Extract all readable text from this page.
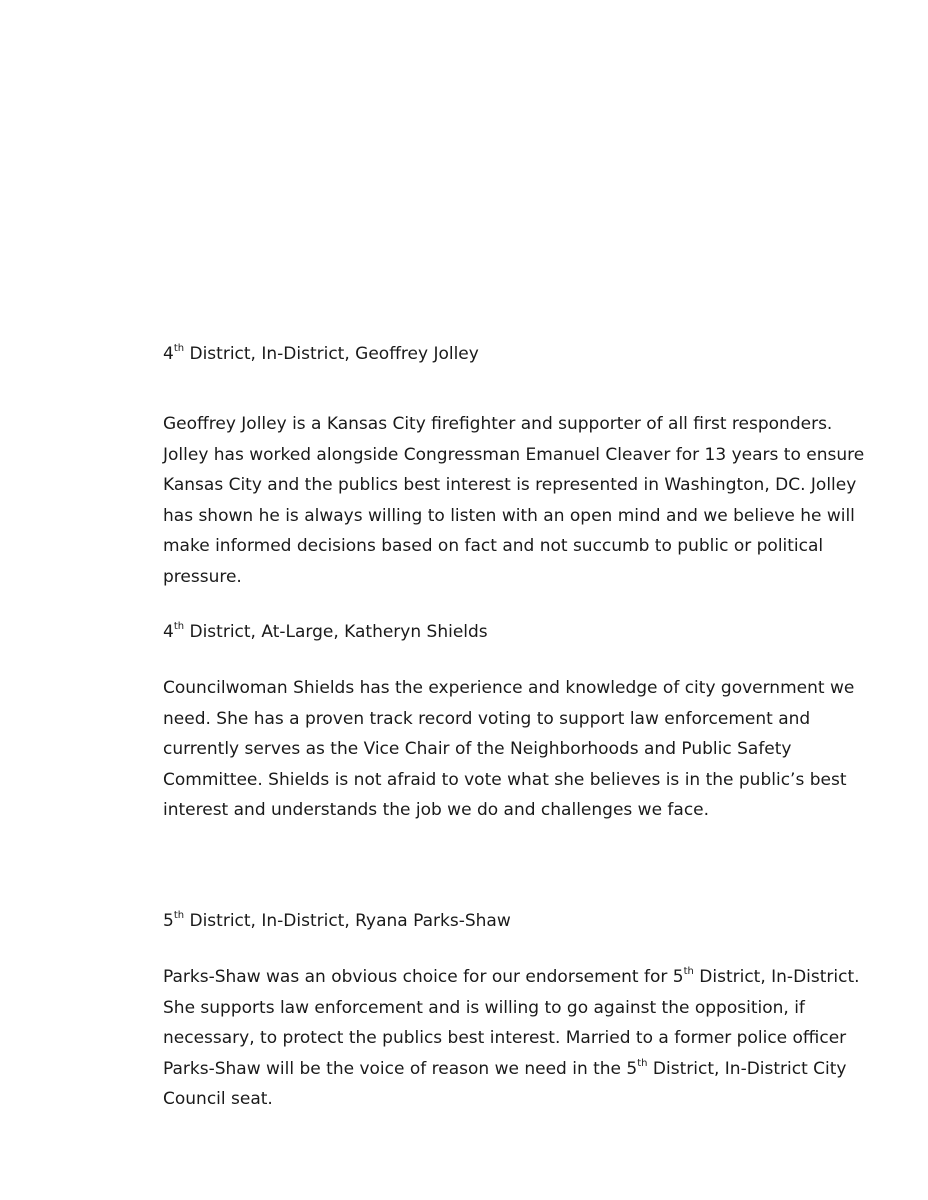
4th District, In-District, Geoffrey Jolley
Geoffrey Jolley is a Kansas City firefighter and supporter of all first responders.
Jolley has worked alongside Congressman Emanuel Cleaver for 13 years to ensure
Kansas City and the publics best interest is represented in Washington, DC. Jolley
has shown he is always willing to listen with an open mind and we believe he will
make informed decisions based on fact and not succumb to public or political
pressure.
4th District, At-Large, Katheryn Shields
Councilwoman Shields has the experience and knowledge of city government we
need. She has a proven track record voting to support law enforcement and
currently serves as the Vice Chair of the Neighborhoods and Public Safety
Committee. Shields is not afraid to vote what she believes is in the public’s best
interest and understands the job we do and challenges we face.
5th District, In-District, Ryana Parks-Shaw
Parks-Shaw was an obvious choice for our endorsement for 5th District, In-District.
She supports law enforcement and is willing to go against the opposition, if
necessary, to protect the publics best interest. Married to a former police officer
Parks-Shaw will be the voice of reason we need in the 5th District, In-District City
Council seat.
